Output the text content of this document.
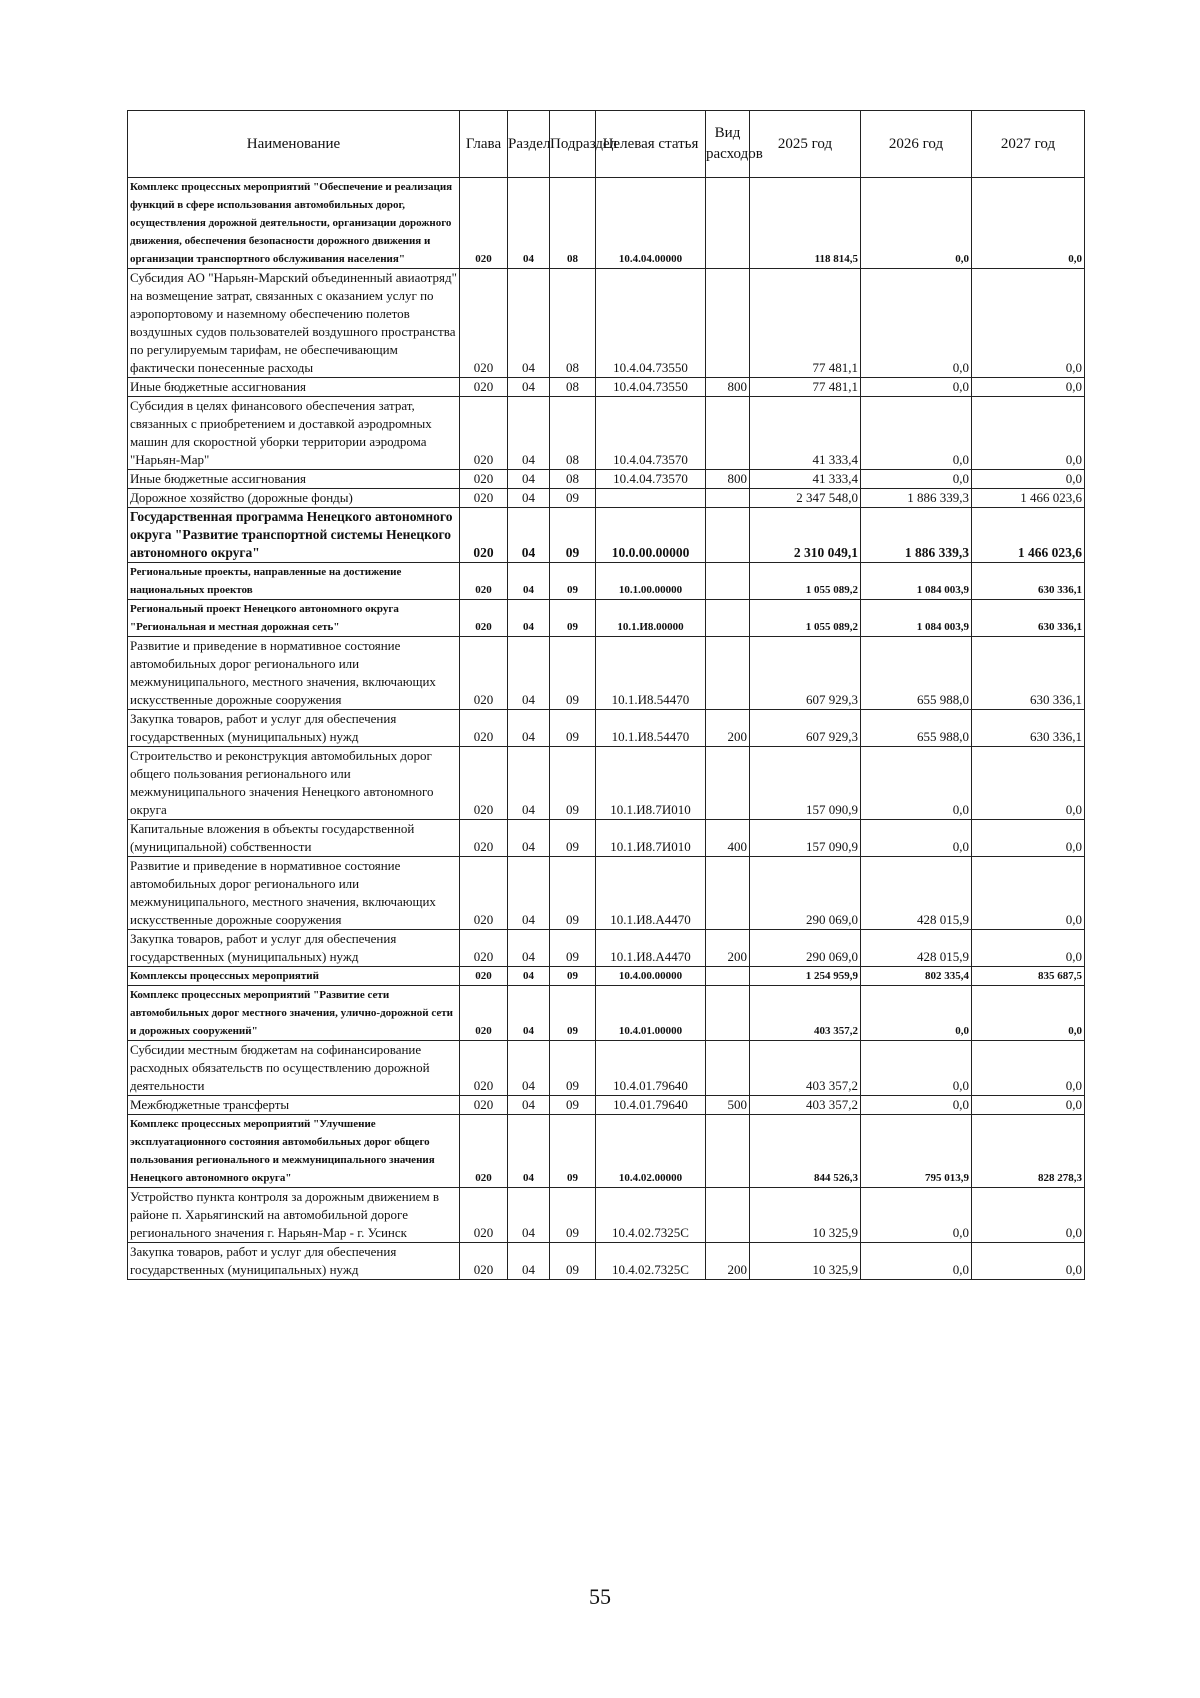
Наименование	Глава	Раздел	Подраздел	Целевая статья	Вид расходов	2025 год	2026 год	2027 год
Комплекс процессных мероприятий "Обеспечение и реализация функций в сфере использования автомобильных дорог, осуществления дорожной деятельности, организации дорожного движения, обеспечения безопасности дорожного движения и организации транспортного обслуживания населения"	020	04	08	10.4.04.00000		118 814,5	0,0	0,0
Субсидия АО "Нарьян-Марский объединенный авиаотряд" на возмещение затрат, связанных с оказанием услуг по аэропортовому и наземному обеспечению полетов воздушных судов пользователей воздушного пространства по регулируемым тарифам, не обеспечивающим фактически понесенные расходы	020	04	08	10.4.04.73550		77 481,1	0,0	0,0
Иные бюджетные ассигнования	020	04	08	10.4.04.73550	800	77 481,1	0,0	0,0
Субсидия в целях финансового обеспечения затрат, связанных с приобретением и доставкой аэродромных машин для скоростной уборки территории аэродрома "Нарьян-Мар"	020	04	08	10.4.04.73570		41 333,4	0,0	0,0
Иные бюджетные ассигнования	020	04	08	10.4.04.73570	800	41 333,4	0,0	0,0
Дорожное хозяйство (дорожные фонды)	020	04	09			2 347 548,0	1 886 339,3	1 466 023,6
Государственная программа Ненецкого автономного округа "Развитие транспортной системы Ненецкого автономного округа"	020	04	09	10.0.00.00000		2 310 049,1	1 886 339,3	1 466 023,6
Региональные проекты, направленные на достижение национальных проектов	020	04	09	10.1.00.00000		1 055 089,2	1 084 003,9	630 336,1
Региональный проект Ненецкого автономного округа "Региональная и местная дорожная сеть"	020	04	09	10.1.И8.00000		1 055 089,2	1 084 003,9	630 336,1
Развитие и приведение в нормативное состояние автомобильных дорог регионального или межмуниципального, местного значения, включающих искусственные дорожные сооружения	020	04	09	10.1.И8.54470		607 929,3	655 988,0	630 336,1
Закупка товаров, работ и услуг для обеспечения государственных (муниципальных) нужд	020	04	09	10.1.И8.54470	200	607 929,3	655 988,0	630 336,1
Строительство и реконструкция автомобильных дорог общего пользования регионального или межмуниципального значения Ненецкого автономного округа	020	04	09	10.1.И8.7И010		157 090,9	0,0	0,0
Капитальные вложения в объекты государственной (муниципальной) собственности	020	04	09	10.1.И8.7И010	400	157 090,9	0,0	0,0
Развитие и приведение в нормативное состояние автомобильных дорог регионального или межмуниципального, местного значения, включающих искусственные дорожные сооружения	020	04	09	10.1.И8.А4470		290 069,0	428 015,9	0,0
Закупка товаров, работ и услуг для обеспечения государственных (муниципальных) нужд	020	04	09	10.1.И8.А4470	200	290 069,0	428 015,9	0,0
Комплексы процессных мероприятий	020	04	09	10.4.00.00000		1 254 959,9	802 335,4	835 687,5
Комплекс процессных мероприятий "Развитие сети автомобильных дорог местного значения, улично-дорожной сети и дорожных сооружений"	020	04	09	10.4.01.00000		403 357,2	0,0	0,0
Субсидии местным бюджетам на софинансирование расходных обязательств по осуществлению дорожной деятельности	020	04	09	10.4.01.79640		403 357,2	0,0	0,0
Межбюджетные трансферты	020	04	09	10.4.01.79640	500	403 357,2	0,0	0,0
Комплекс процессных мероприятий "Улучшение эксплуатационного состояния автомобильных дорог общего пользования регионального и межмуниципального значения Ненецкого автономного округа"	020	04	09	10.4.02.00000		844 526,3	795 013,9	828 278,3
Устройство пункта контроля за дорожным движением в районе п. Харьягинский на автомобильной дороге регионального значения г. Нарьян-Мар - г. Усинск	020	04	09	10.4.02.7325С		10 325,9	0,0	0,0
Закупка товаров, работ и услуг для обеспечения государственных (муниципальных) нужд	020	04	09	10.4.02.7325С	200	10 325,9	0,0	0,0
55
